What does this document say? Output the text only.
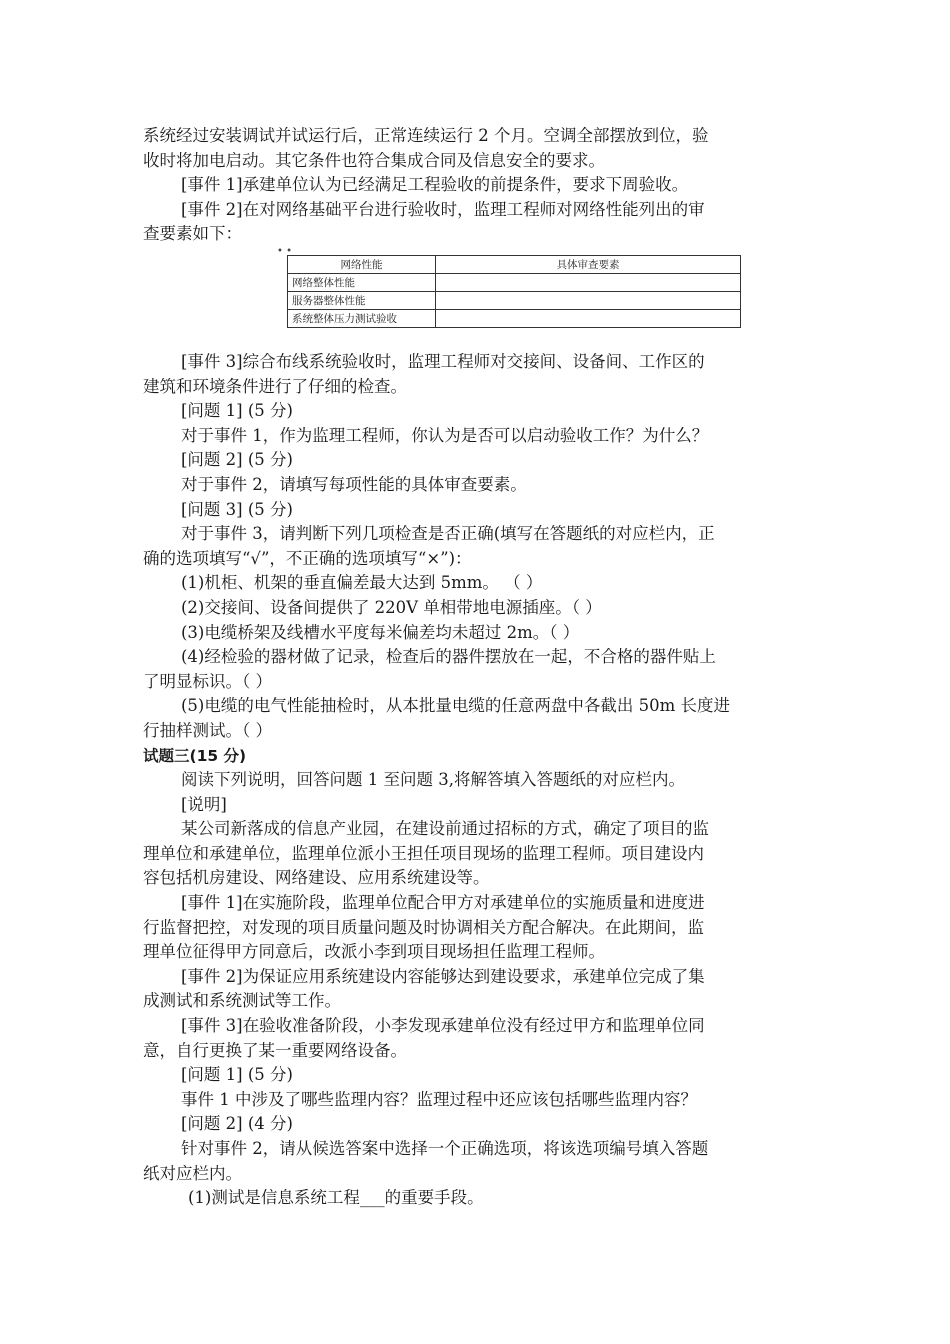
系统经过安装调试并试运行后，正常连续运行 2 个月。空调全部摆放到位，验
收时将加电启动。其它条件也符合集成合同及信息安全的要求。
[事件 1]承建单位认为已经满足工程验收的前提条件，要求下周验收。
[事件 2]在对网络基础平台进行验收时，监理工程师对网络性能列出的审
查要素如下：
• •
网络性能	具体审查要素
网络整体性能	
服务器整体性能	
系统整体压力测试验收	
[事件 3]综合布线系统验收时，监理工程师对交接间、设备间、工作区的
建筑和环境条件进行了仔细的检查。
[问题 1] (5 分)
对于事件 1，作为监理工程师，你认为是否可以启动验收工作？为什么？
[问题 2] (5 分)
对于事件 2，请填写每项性能的具体审查要素。
[问题 3] (5 分)
对于事件 3，请判断下列几项检查是否正确(填写在答题纸的对应栏内，正
确的选项填写“√”，不正确的选项填写“×”)：
(1)机柜、机架的垂直偏差最大达到 5mm。 （ ）
(2)交接间、设备间提供了 220V 单相带地电源插座。（ ）
(3)电缆桥架及线槽水平度每米偏差均未超过 2m。（ ）
(4)经检验的器材做了记录，检查后的器件摆放在一起，不合格的器件贴上
了明显标识。（ ）
(5)电缆的电气性能抽检时，从本批量电缆的任意两盘中各截出 50m 长度进
行抽样测试。（ ）
试题三(15 分)
阅读下列说明，回答问题 1 至问题 3,将解答填入答题纸的对应栏内。
[说明]
某公司新落成的信息产业园，在建设前通过招标的方式，确定了项目的监
理单位和承建单位，监理单位派小王担任项目现场的监理工程师。项目建设内
容包括机房建设、网络建设、应用系统建设等。
[事件 1]在实施阶段，监理单位配合甲方对承建单位的实施质量和进度进
行监督把控，对发现的项目质量问题及时协调相关方配合解决。在此期间，监
理单位征得甲方同意后，改派小李到项目现场担任监理工程师。
[事件 2]为保证应用系统建设内容能够达到建设要求，承建单位完成了集
成测试和系统测试等工作。
[事件 3]在验收准备阶段，小李发现承建单位没有经过甲方和监理单位同
意，自行更换了某一重要网络设备。
[问题 1] (5 分)
事件 1 中涉及了哪些监理内容？监理过程中还应该包括哪些监理内容？
[问题 2] (4 分)
针对事件 2，请从候选答案中选择一个正确选项，将该选项编号填入答题
纸对应栏内。
(1)测试是信息系统工程___的重要手段。
